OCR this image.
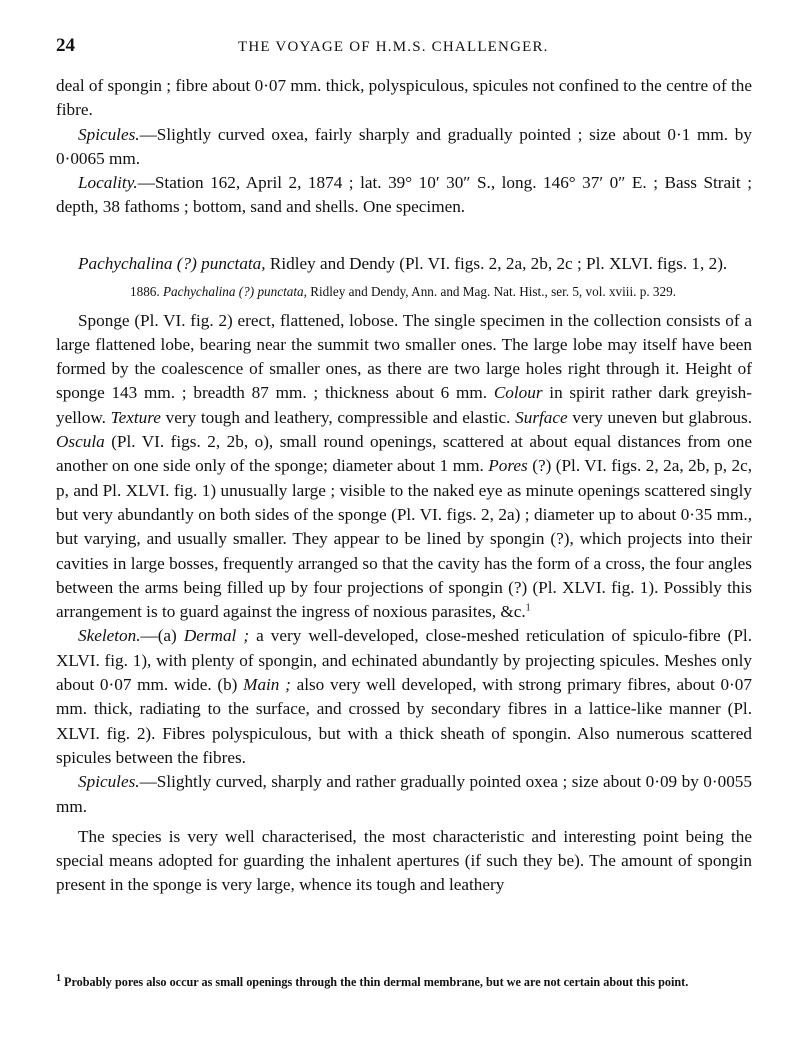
24	THE VOYAGE OF H.M.S. CHALLENGER.

deal of spongin ; fibre about 0·07 mm. thick, polyspiculous, spicules not confined to the centre of the fibre.

Spicules.—Slightly curved oxea, fairly sharply and gradually pointed ; size about 0·1 mm. by 0·0065 mm.

Locality.—Station 162, April 2, 1874 ; lat. 39° 10′ 30″ S., long. 146° 37′ 0″ E. ; Bass Strait ; depth, 38 fathoms ; bottom, sand and shells. One specimen.

Pachychalina (?) punctata, Ridley and Dendy (Pl. VI. figs. 2, 2a, 2b, 2c ; Pl. XLVI. figs. 1, 2).

1886. Pachychalina (?) punctata, Ridley and Dendy, Ann. and Mag. Nat. Hist., ser. 5, vol. xviii. p. 329.

Sponge (Pl. VI. fig. 2) erect, flattened, lobose. The single specimen in the collection consists of a large flattened lobe, bearing near the summit two smaller ones. The large lobe may itself have been formed by the coalescence of smaller ones, as there are two large holes right through it. Height of sponge 143 mm. ; breadth 87 mm. ; thickness about 6 mm. Colour in spirit rather dark greyish-yellow. Texture very tough and leathery, compressible and elastic. Surface very uneven but glabrous. Oscula (Pl. VI. figs. 2, 2b, o), small round openings, scattered at about equal distances from one another on one side only of the sponge; diameter about 1 mm. Pores (?) (Pl. VI. figs. 2, 2a, 2b, p, 2c, p, and Pl. XLVI. fig. 1) unusually large ; visible to the naked eye as minute openings scattered singly but very abundantly on both sides of the sponge (Pl. VI. figs. 2, 2a) ; diameter up to about 0·35 mm., but varying, and usually smaller. They appear to be lined by spongin (?), which projects into their cavities in large bosses, frequently arranged so that the cavity has the form of a cross, the four angles between the arms being filled up by four projections of spongin (?) (Pl. XLVI. fig. 1). Possibly this arrangement is to guard against the ingress of noxious parasites, &c.$^1$

Skeleton.—(a) Dermal ; a very well-developed, close-meshed reticulation of spiculo-fibre (Pl. XLVI. fig. 1), with plenty of spongin, and echinated abundantly by projecting spicules. Meshes only about 0·07 mm. wide. (b) Main ; also very well developed, with strong primary fibres, about 0·07 mm. thick, radiating to the surface, and crossed by secondary fibres in a lattice-like manner (Pl. XLVI. fig. 2). Fibres polyspiculous, but with a thick sheath of spongin. Also numerous scattered spicules between the fibres.

Spicules.—Slightly curved, sharply and rather gradually pointed oxea ; size about 0·09 by 0·0055 mm.

The species is very well characterised, the most characteristic and interesting point being the special means adopted for guarding the inhalent apertures (if such they be). The amount of spongin present in the sponge is very large, whence its tough and leathery

$^1$ Probably pores also occur as small openings through the thin dermal membrane, but we are not certain about this point.
